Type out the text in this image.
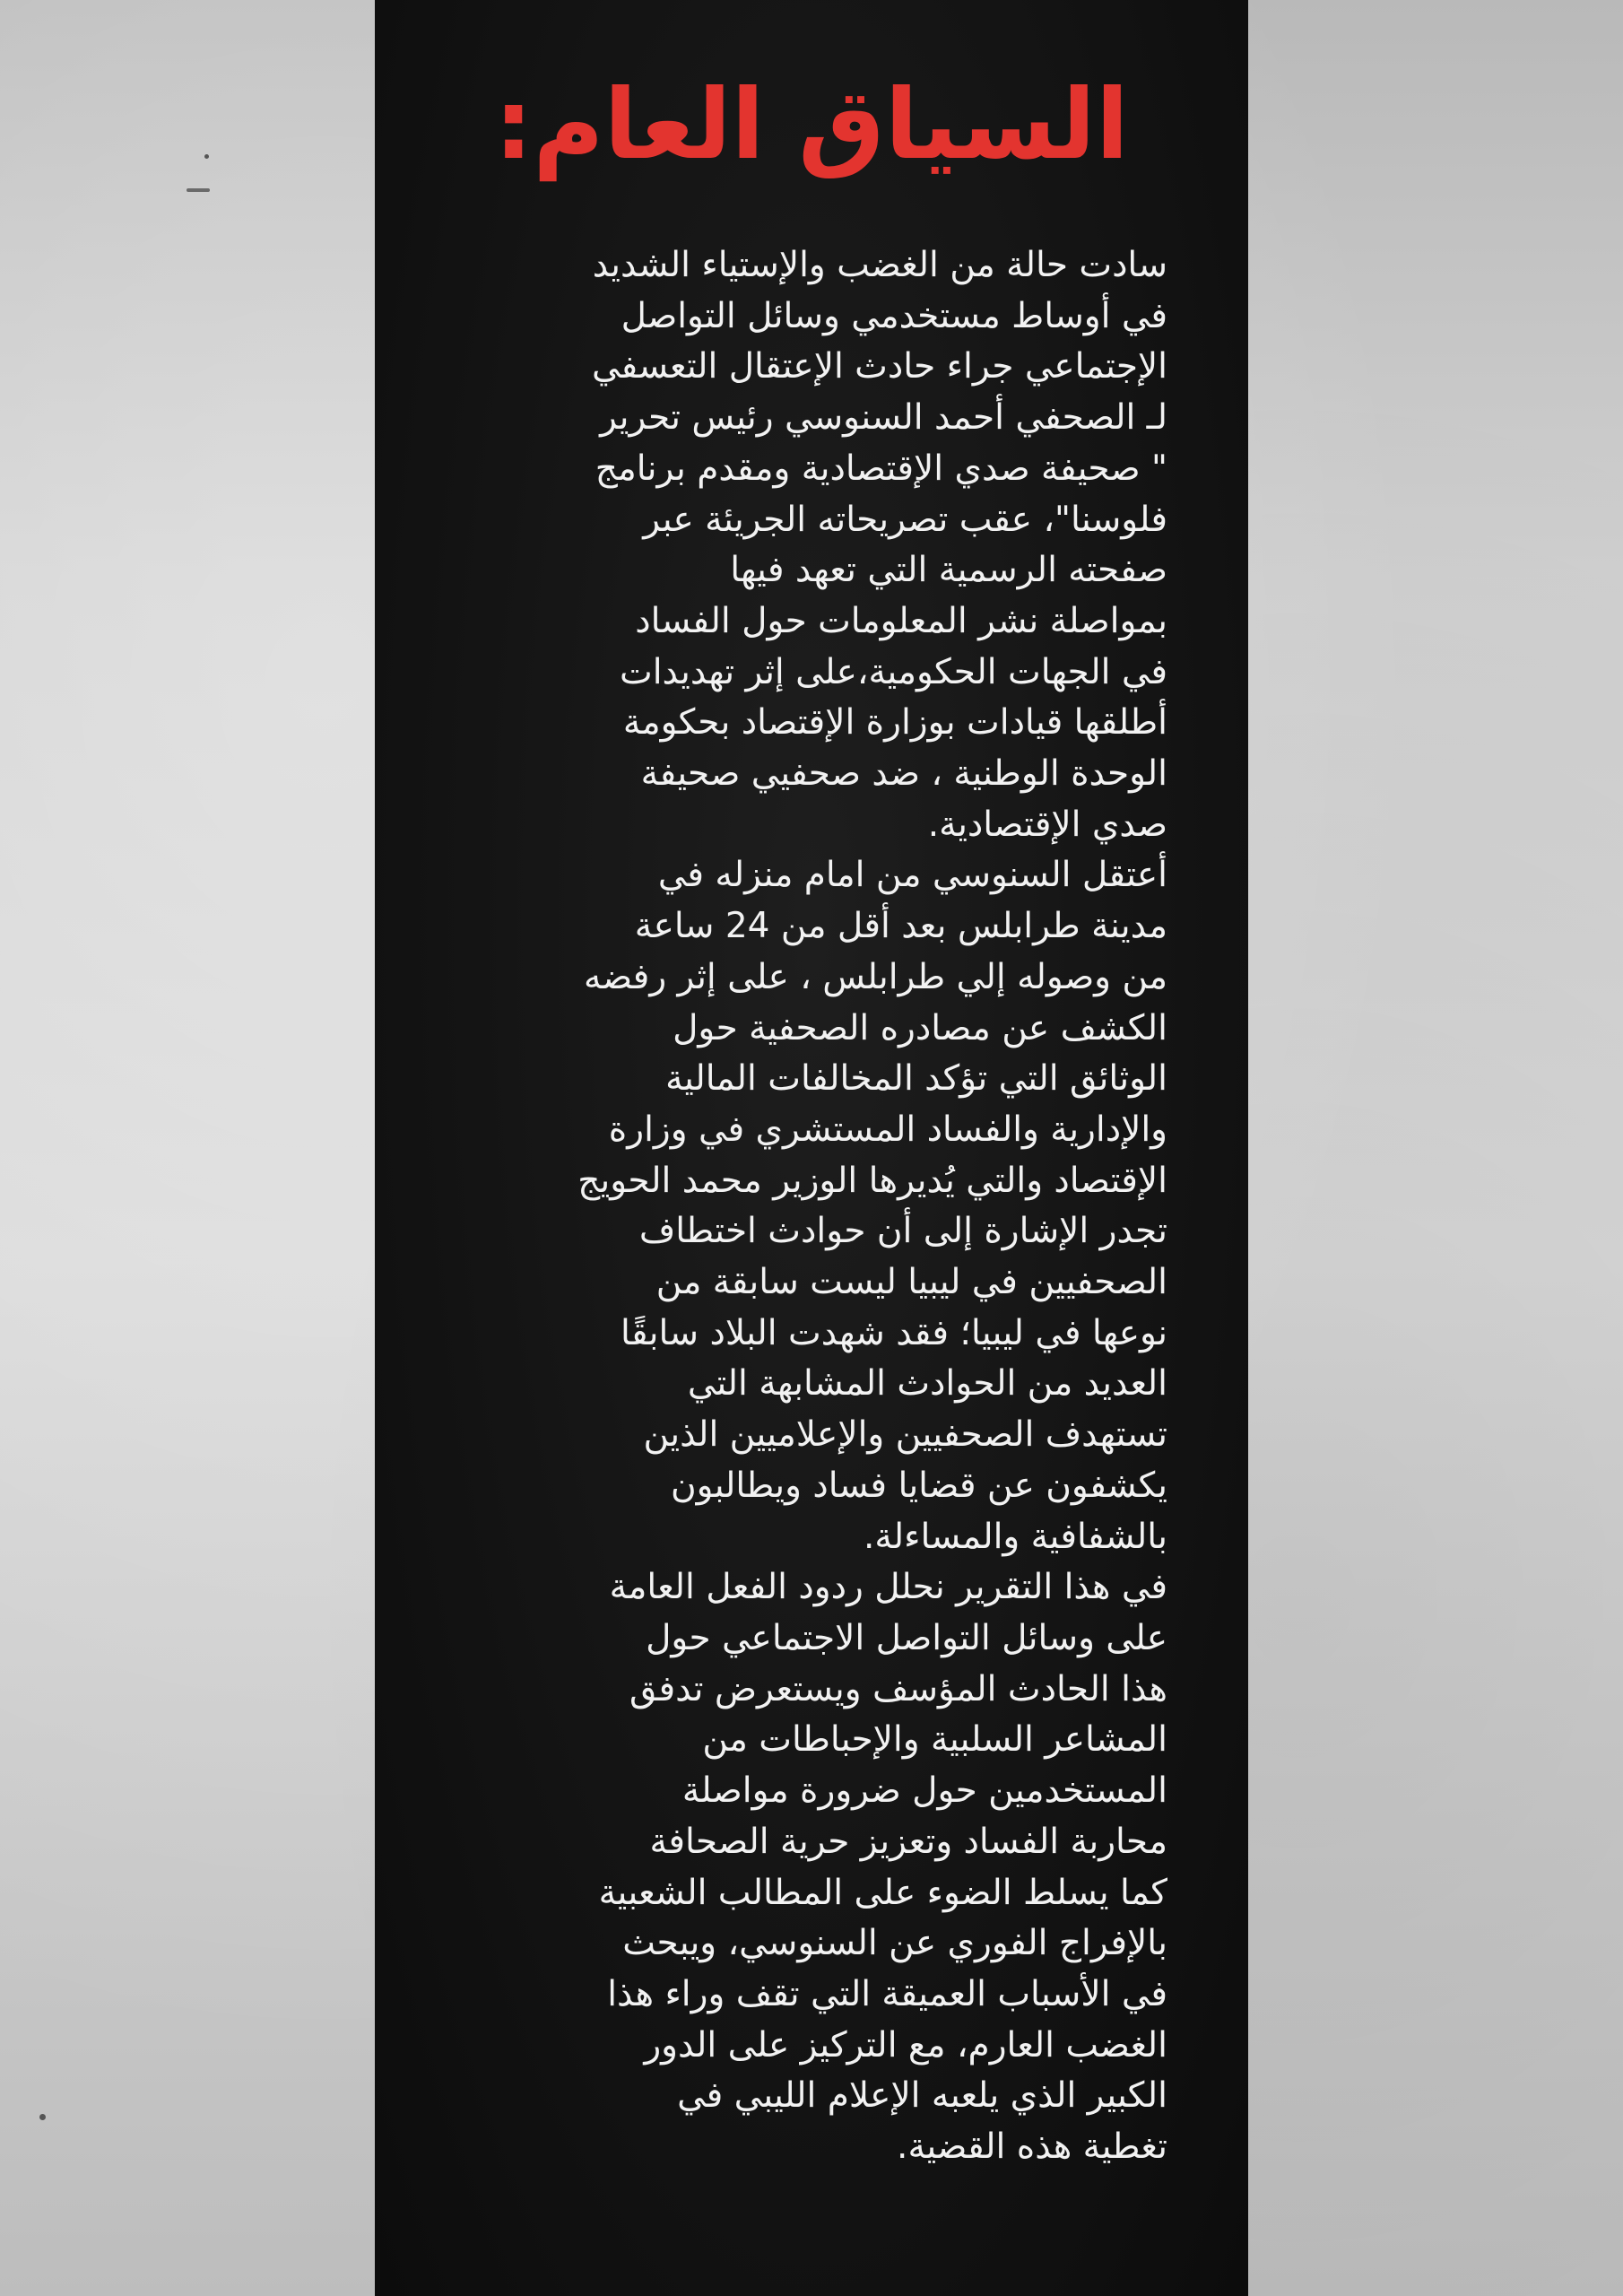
السياق العام:
سادت حالة من الغضب والإستياء الشديد
في أوساط مستخدمي وسائل التواصل
الإجتماعي جراء حادث الإعتقال التعسفي
لـ الصحفي أحمد السنوسي رئيس تحرير
" صحيفة صدي الإقتصادية ومقدم برنامج
فلوسنا"، عقب تصريحاته الجريئة عبر
صفحته الرسمية التي تعهد فيها
بمواصلة نشر المعلومات حول الفساد
في الجهات الحكومية،على إثر تهديدات
أطلقها قيادات بوزارة الإقتصاد بحكومة
الوحدة الوطنية ، ضد صحفيي صحيفة
صدي الإقتصادية.
أعتقل السنوسي من امام منزله في
مدينة طرابلس بعد أقل من 24 ساعة
من وصوله إلي طرابلس ، على إثر رفضه
الكشف عن مصادره الصحفية حول
الوثائق التي تؤكد المخالفات المالية
والإدارية والفساد المستشري في وزارة
الإقتصاد والتي يُديرها الوزير محمد الحويج
تجدر الإشارة إلى أن حوادث اختطاف
الصحفيين في ليبيا ليست سابقة من
نوعها في ليبيا؛ فقد شهدت البلاد سابقًا
العديد من الحوادث المشابهة التي
تستهدف الصحفيين والإعلاميين الذين
يكشفون عن قضايا فساد ويطالبون
بالشفافية والمساءلة.
في هذا التقرير نحلل ردود الفعل العامة
على وسائل التواصل الاجتماعي حول
هذا الحادث المؤسف ويستعرض تدفق
المشاعر السلبية والإحباطات من
المستخدمين حول ضرورة مواصلة
محاربة الفساد وتعزيز حرية الصحافة
كما يسلط الضوء على المطالب الشعبية
بالإفراج الفوري عن السنوسي، ويبحث
في الأسباب العميقة التي تقف وراء هذا
الغضب العارم، مع التركيز على الدور
الكبير الذي يلعبه الإعلام الليبي في
تغطية هذه القضية.
